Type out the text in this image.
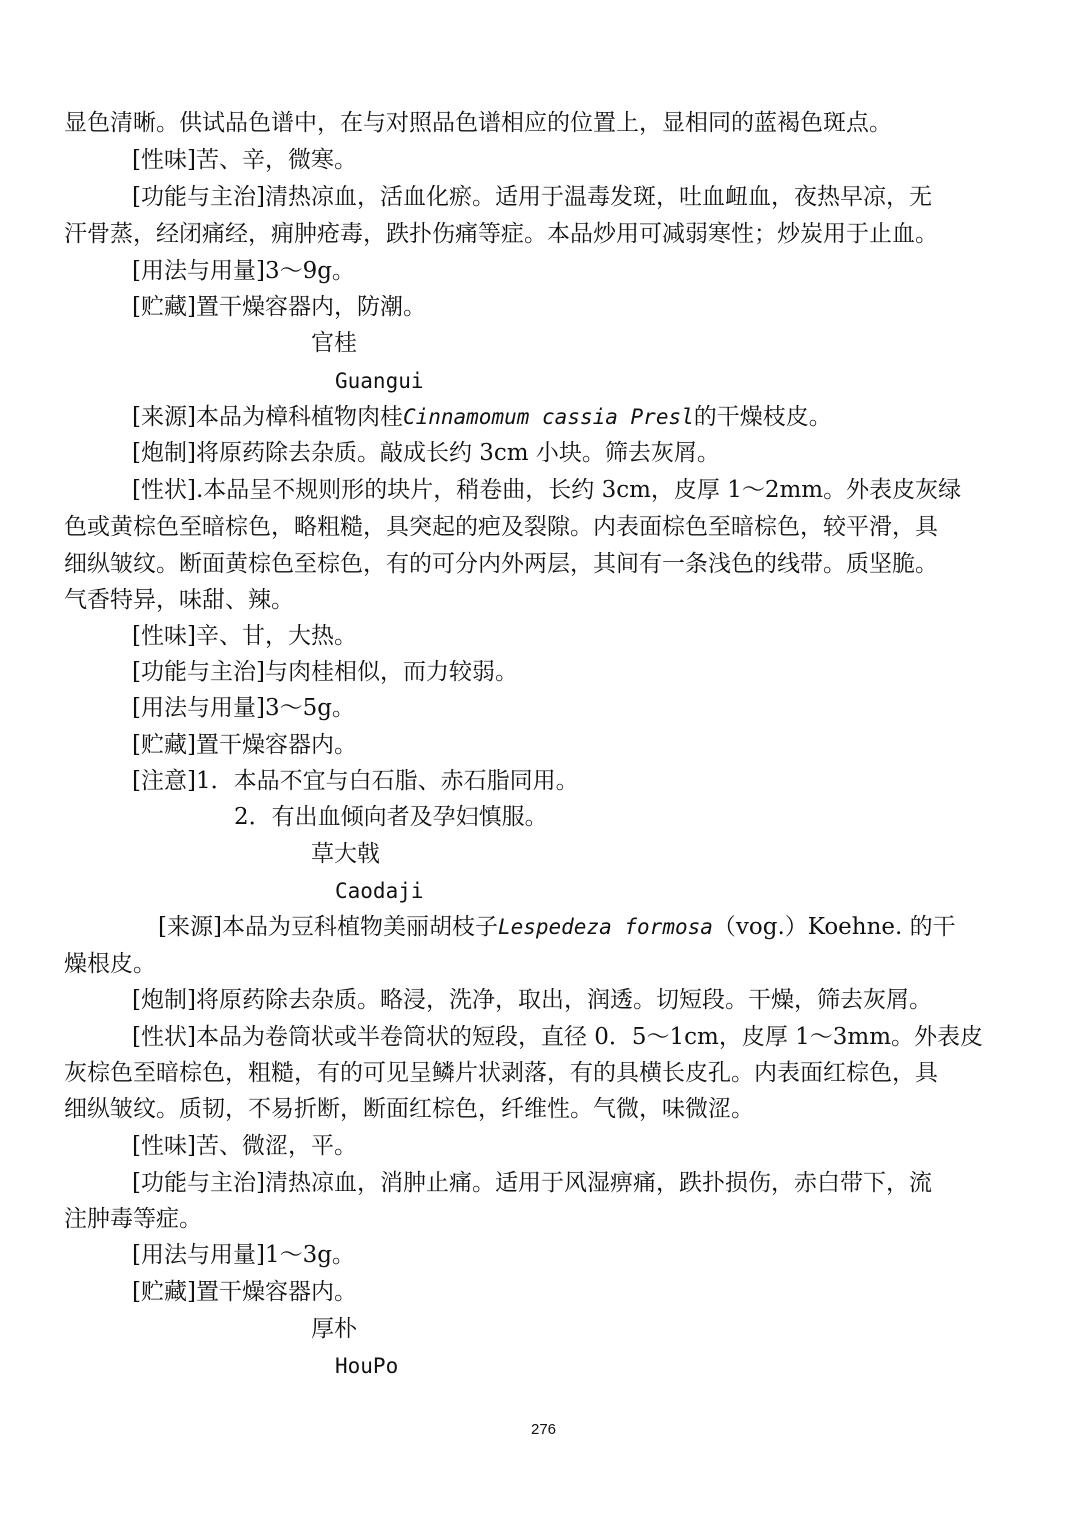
显色清晰。供试品色谱中，在与对照品色谱相应的位置上，显相同的蓝褐色斑点。
[性味]苦、辛，微寒。
[功能与主治]清热凉血，活血化瘀。适用于温毒发斑，吐血衄血，夜热早凉，无
汗骨蒸，经闭痛经，痈肿疮毒，跌扑伤痛等症。本品炒用可减弱寒性；炒炭用于止血。
[用法与用量]3～9g。
[贮藏]置干燥容器内，防潮。
官桂
Guangui
[来源]本品为樟科植物肉桂Cinnamomum cassia Presl的干燥枝皮。
[炮制]将原药除去杂质。敲成长约 3cm 小块。筛去灰屑。
[性状].本品呈不规则形的块片，稍卷曲，长约 3cm，皮厚 1～2mm。外表皮灰绿
色或黄棕色至暗棕色，略粗糙，具突起的疤及裂隙。内表面棕色至暗棕色，较平滑，具
细纵皱纹。断面黄棕色至棕色，有的可分内外两层，其间有一条浅色的线带。质坚脆。
气香特异，味甜、辣。
[性味]辛、甘，大热。
[功能与主治]与肉桂相似，而力较弱。
[用法与用量]3～5g。
[贮藏]置干燥容器内。
[注意]1．本品不宜与白石脂、赤石脂同用。
2．有出血倾向者及孕妇慎服。
草大戟
Caodaji
[来源]本品为豆科植物美丽胡枝子Lespedeza formosa（vog.）Koehne. 的干
燥根皮。
[炮制]将原药除去杂质。略浸，洗净，取出，润透。切短段。干燥，筛去灰屑。
[性状]本品为卷筒状或半卷筒状的短段，直径 0．5～1cm，皮厚 1～3mm。外表皮
灰棕色至暗棕色，粗糙，有的可见呈鳞片状剥落，有的具横长皮孔。内表面红棕色，具
细纵皱纹。质韧，不易折断，断面红棕色，纤维性。气微，味微涩。
[性味]苦、微涩，平。
[功能与主治]清热凉血，消肿止痛。适用于风湿痹痛，跌扑损伤，赤白带下，流
注肿毒等症。
[用法与用量]1～3g。
[贮藏]置干燥容器内。
厚朴
HouPo
276
